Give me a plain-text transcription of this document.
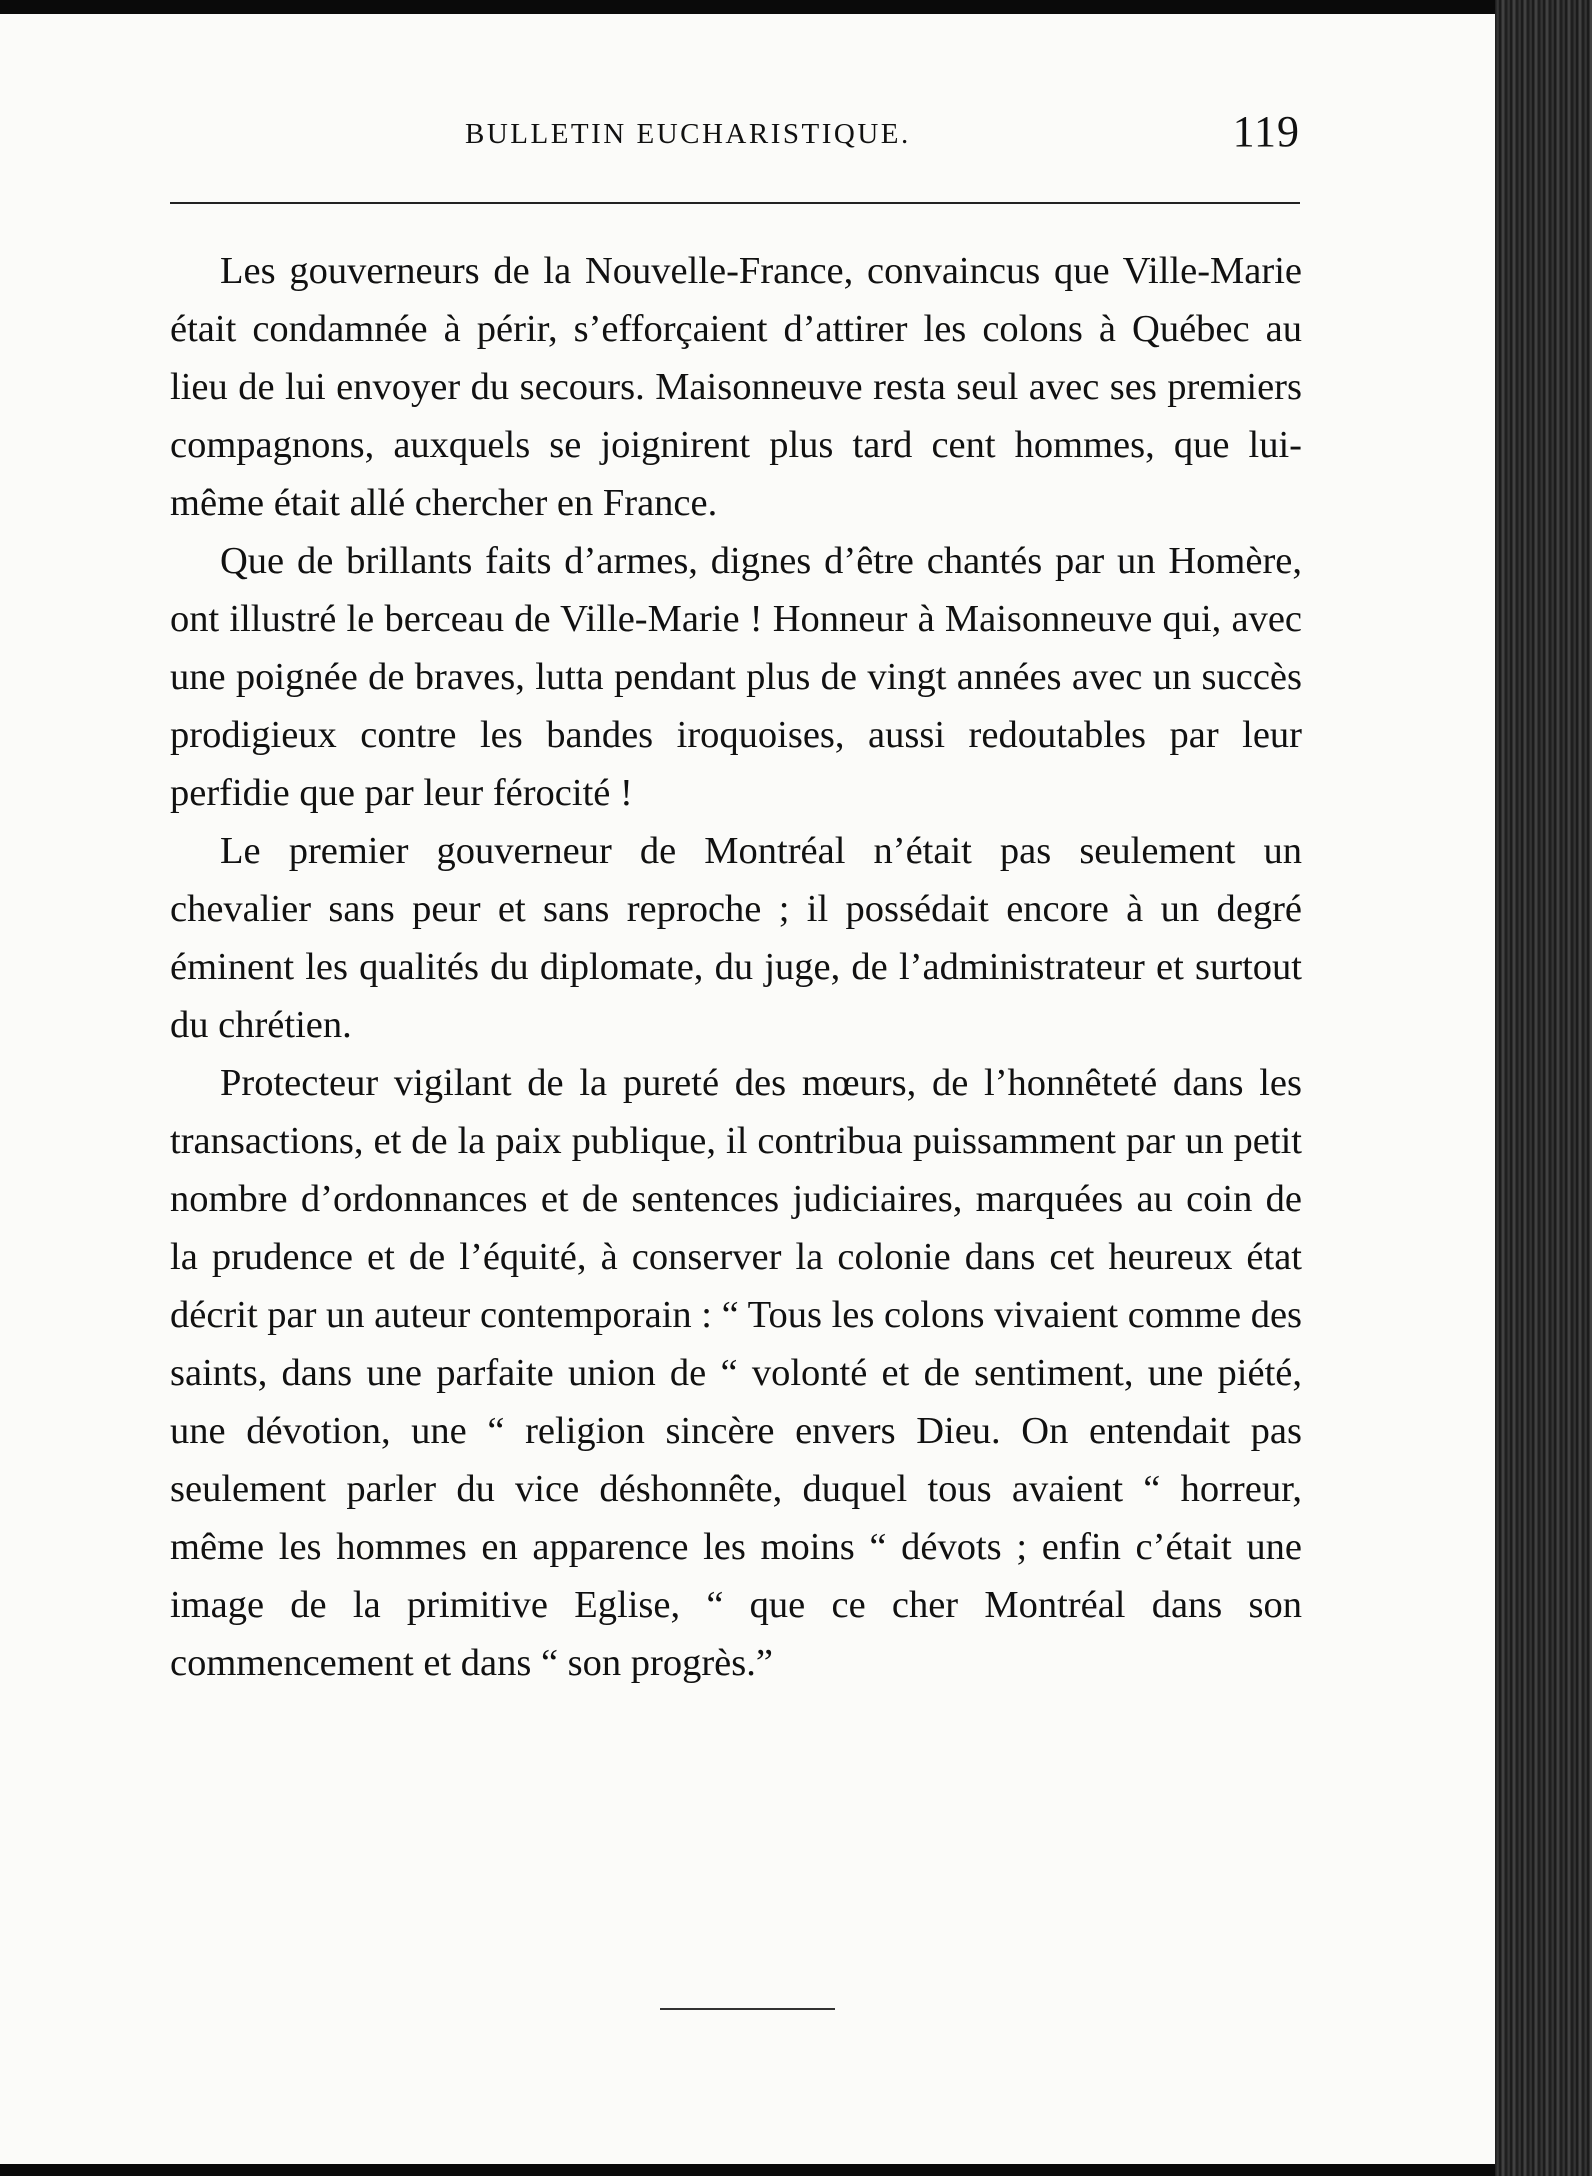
BULLETIN EUCHARISTIQUE.	119

Les gouverneurs de la Nouvelle-France, convaincus que Ville-Marie était condamnée à périr, s’efforçaient d’attirer les colons à Québec au lieu de lui envoyer du secours. Maisonneuve resta seul avec ses premiers compagnons, auxquels se joignirent plus tard cent hommes, que lui-même était allé chercher en France.

Que de brillants faits d’armes, dignes d’être chantés par un Homère, ont illustré le berceau de Ville-Marie ! Honneur à Maisonneuve qui, avec une poignée de braves, lutta pendant plus de vingt années avec un succès prodigieux contre les bandes iroquoises, aussi redoutables par leur perfidie que par leur férocité !

Le premier gouverneur de Montréal n’était pas seulement un chevalier sans peur et sans reproche ; il possédait encore à un degré éminent les qualités du diplomate, du juge, de l’administrateur et surtout du chrétien.

Protecteur vigilant de la pureté des mœurs, de l’honnêteté dans les transactions, et de la paix publique, il contribua puissamment par un petit nombre d’ordonnances et de sentences judiciaires, marquées au coin de la prudence et de l’équité, à conserver la colonie dans cet heureux état décrit par un auteur contemporain : “ Tous les colons vivaient comme des saints, dans une parfaite union de “ volonté et de sentiment, une piété, une dévotion, une “ religion sincère envers Dieu. On entendait pas seulement parler du vice déshonnête, duquel tous avaient “ horreur, même les hommes en apparence les moins “ dévots ; enfin c’était une image de la primitive Eglise, “ que ce cher Montréal dans son commencement et dans “ son progrès.”
